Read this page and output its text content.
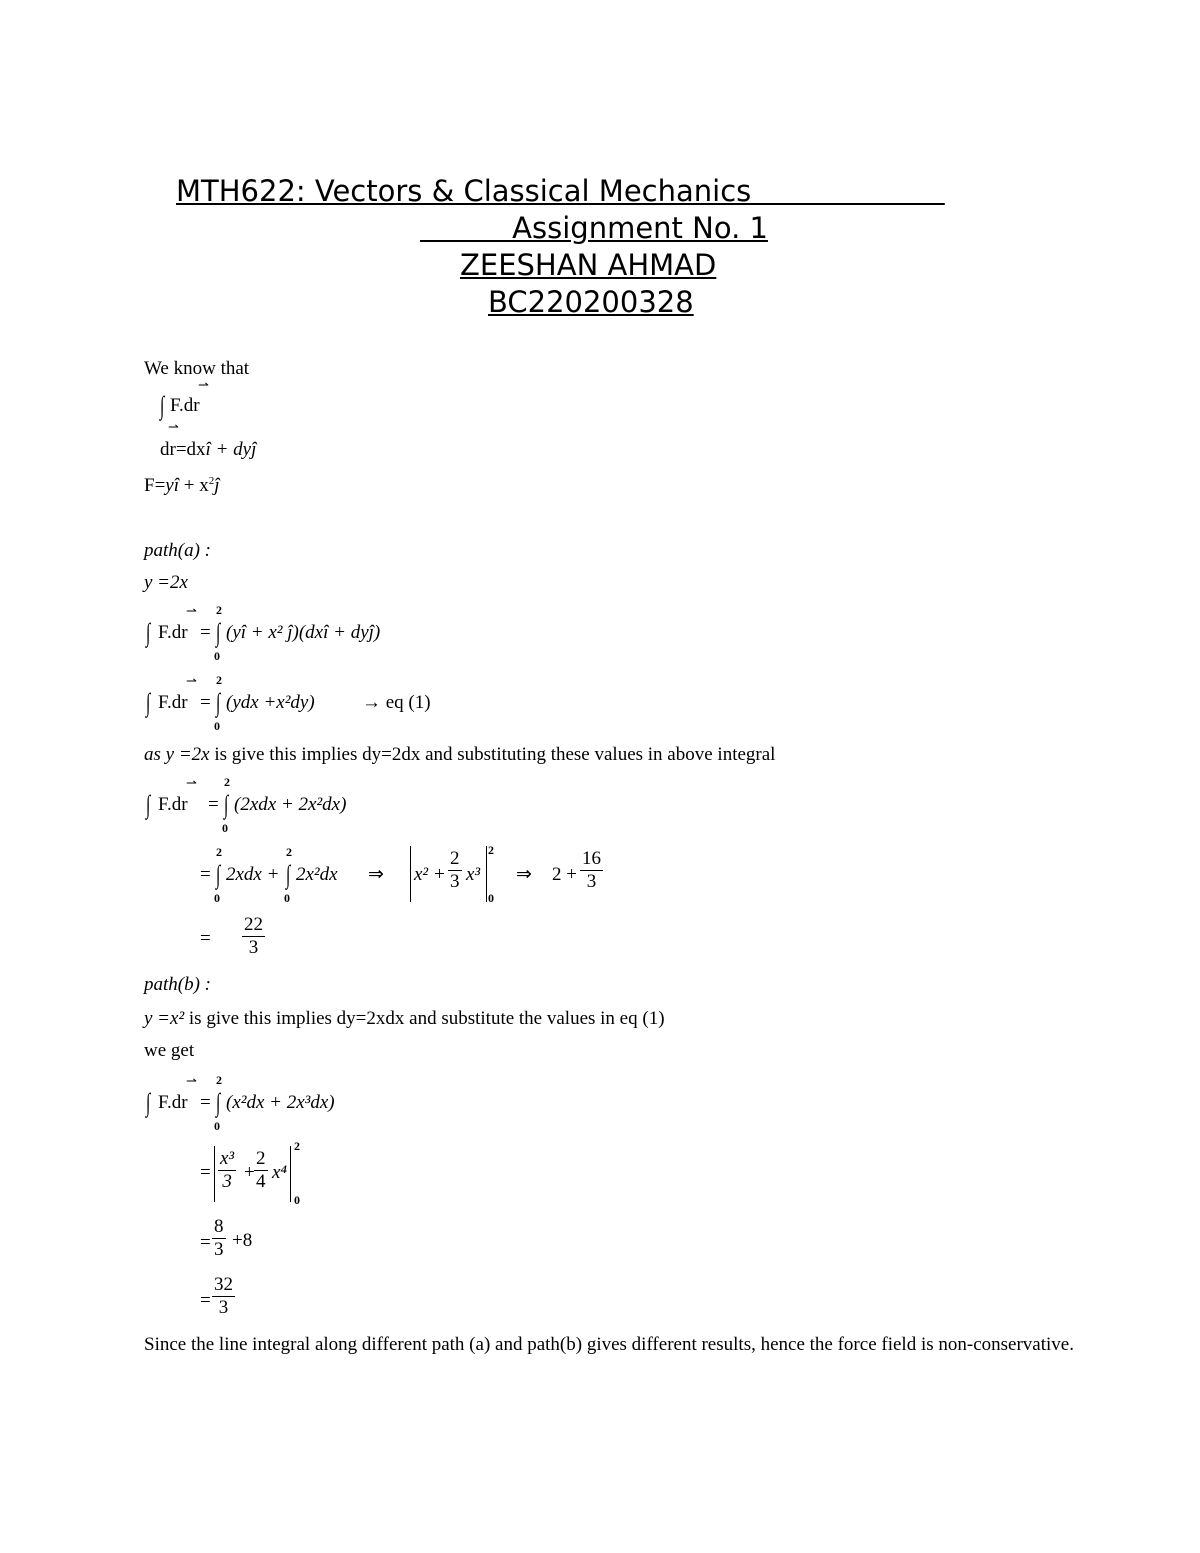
MTH622: Vectors & Classical Mechanics
Assignment No. 1
ZEESHAN AHMAD
BC220200328
We know that
⇀
∫ F.dr
⇀
dr=dxî + dyĵ
F=yî + $x^2ĵ$
path(a) :
y =2x
⇀
∫ F.dr =
2
∫
0
(yî + x² ĵ)(dxî + dyĵ)
⇀
∫ F.dr =
2
∫
0
(ydx +x²dy) → eq (1)
as y =2x is give this implies dy=2dx and substituting these values in above integral
⇀
∫ F.dr =
2
∫
0
(2xdx + 2x²dx)
=
2
∫
0
2xdx +
2
∫
0
2x²dx ⇒ $x^2 + \frac{2}{3} x^3$
2
0
⇒ $2 + \frac{16}{3}$
= $\frac{22}{3}$
path(b) :
y =x² is give this implies dy=2xdx and substitute the values in eq (1)
we get
⇀
∫ F.dr =
2
∫
0
(x²dx + 2x³dx)
= $\frac{\text{x³}}{3} + \frac{2}{4} x^4$
2
0
= $\frac{8}{3} +8$
= $\frac{32}{3}$
Since the line integral along different path (a) and path(b) gives different results, hence the force field is non-conservative.
